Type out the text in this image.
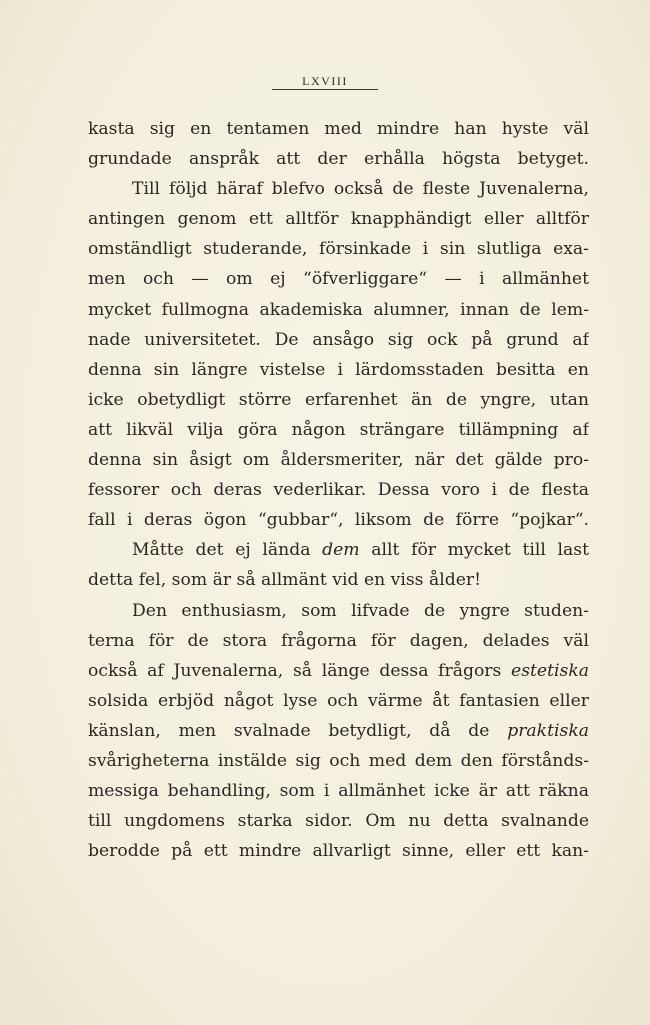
LXVIII
kasta sig en tentamen med mindre han hyste väl
grundade anspråk att der erhålla högsta betyget.
Till följd häraf blefvo också de fleste Juvenalerna,
antingen genom ett alltför knapphändigt eller alltför
omständligt studerande, försinkade i sin slutliga exa-
men och — om ej “öfverliggare“ — i allmänhet
mycket fullmogna akademiska alumner, innan de lem-
nade universitetet. De ansågo sig ock på grund af
denna sin längre vistelse i lärdomsstaden besitta en
icke obetydligt större erfarenhet än de yngre, utan
att likväl vilja göra någon strängare tillämpning af
denna sin åsigt om åldersmeriter, när det gälde pro-
fessorer och deras vederlikar. Dessa voro i de flesta
fall i deras ögon “gubbar“, liksom de förre “pojkar“.
Måtte det ej lända dem allt för mycket till last
detta fel, som är så allmänt vid en viss ålder!
Den enthusiasm, som lifvade de yngre studen-
terna för de stora frågorna för dagen, delades väl
också af Juvenalerna, så länge dessa frågors estetiska
solsida erbjöd något lyse och värme åt fantasien eller
känslan, men svalnade betydligt, då de praktiska
svårigheterna instälde sig och med dem den förstånds-
messiga behandling, som i allmänhet icke är att räkna
till ungdomens starka sidor. Om nu detta svalnande
berodde på ett mindre allvarligt sinne, eller ett kan-
